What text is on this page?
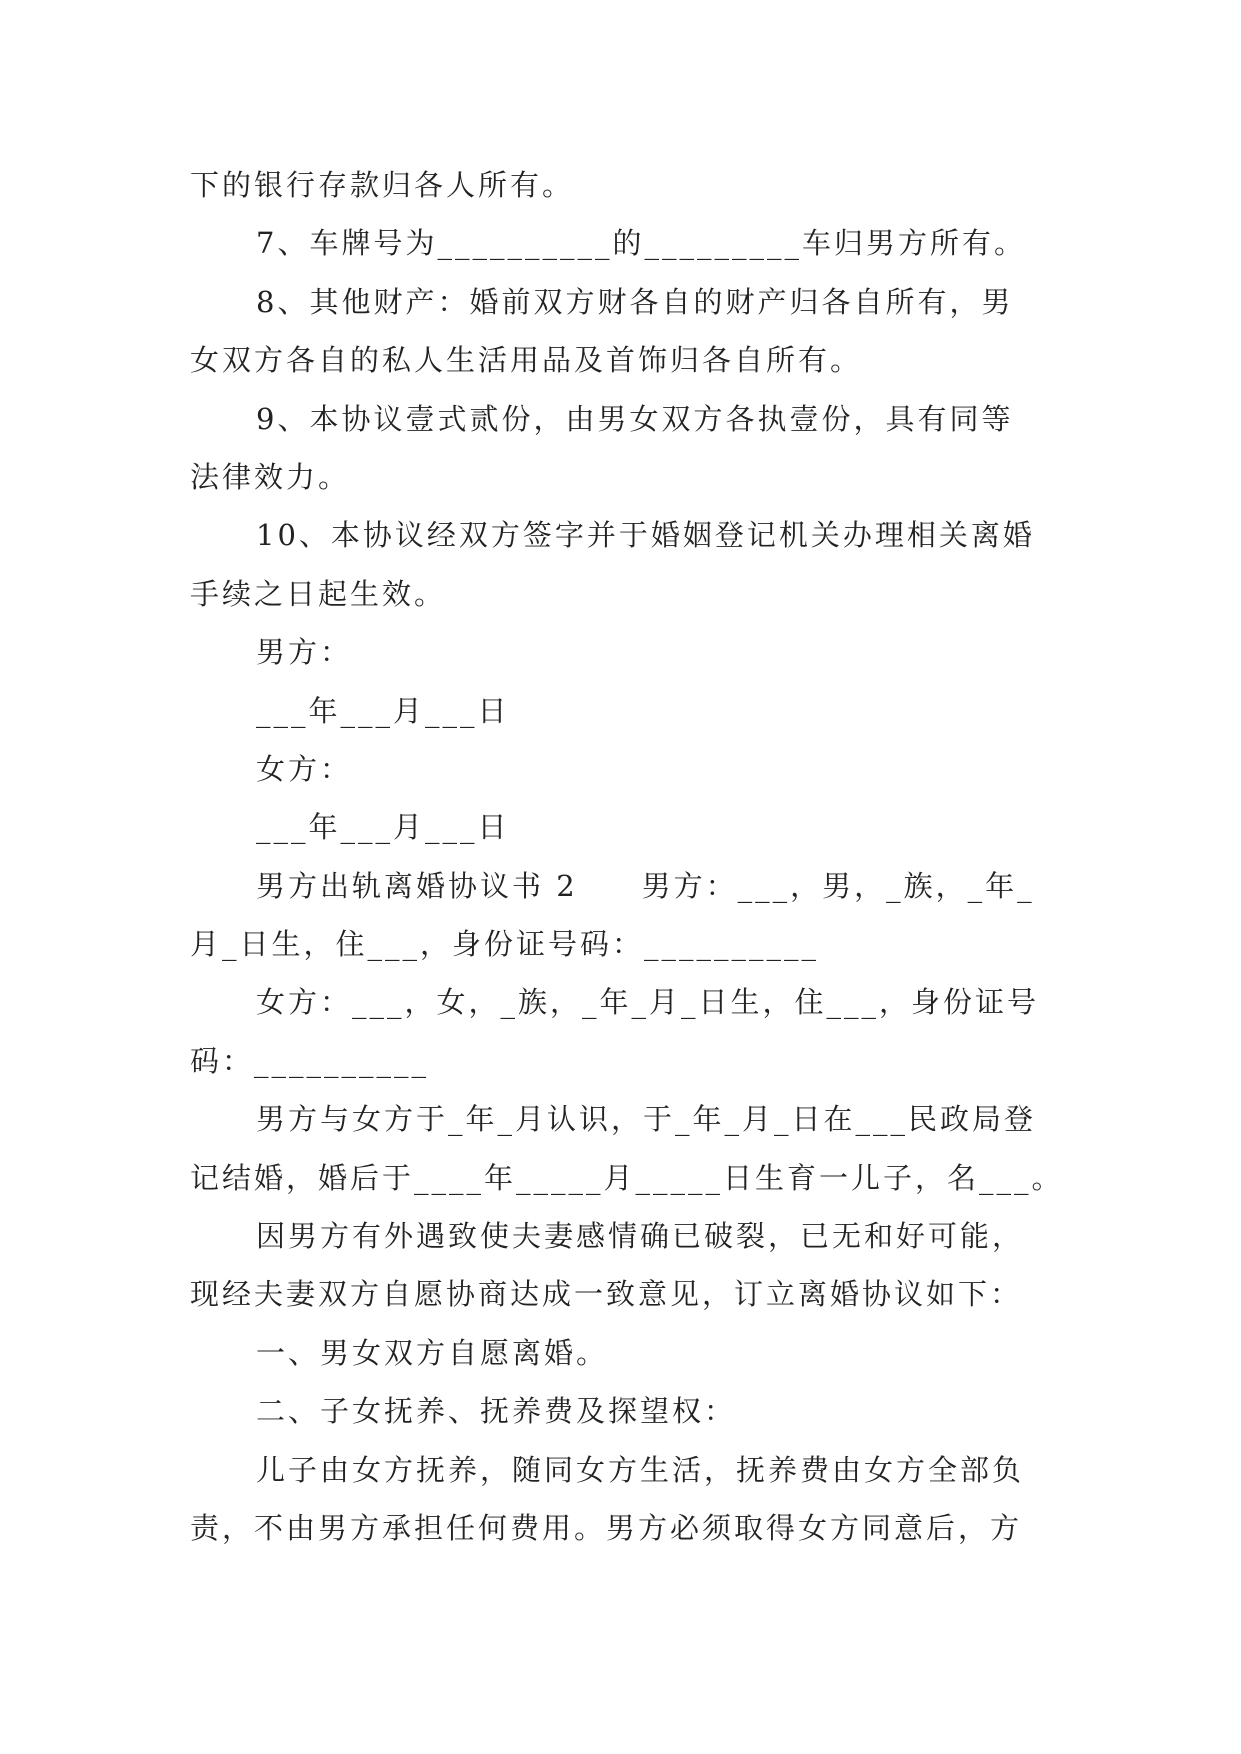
下的银行存款归各人所有。
7、车牌号为__________的_________车归男方所有。
8、其他财产：婚前双方财各自的财产归各自所有，男
女双方各自的私人生活用品及首饰归各自所有。
9、本协议壹式贰份，由男女双方各执壹份，具有同等
法律效力。
10、本协议经双方签字并于婚姻登记机关办理相关离婚
手续之日起生效。
男方：
___年___月___日
女方：
___年___月___日
男方出轨离婚协议书 2　　男方：___，男，_族，_年_
月_日生，住___，身份证号码：__________
女方：___，女，_族，_年_月_日生，住___，身份证号
码：__________
男方与女方于_年_月认识，于_年_月_日在___民政局登
记结婚，婚后于____年_____月_____日生育一儿子，名___。
因男方有外遇致使夫妻感情确已破裂，已无和好可能，
现经夫妻双方自愿协商达成一致意见，订立离婚协议如下：
一、男女双方自愿离婚。
二、子女抚养、抚养费及探望权：
儿子由女方抚养，随同女方生活，抚养费由女方全部负
责，不由男方承担任何费用。男方必须取得女方同意后，方
